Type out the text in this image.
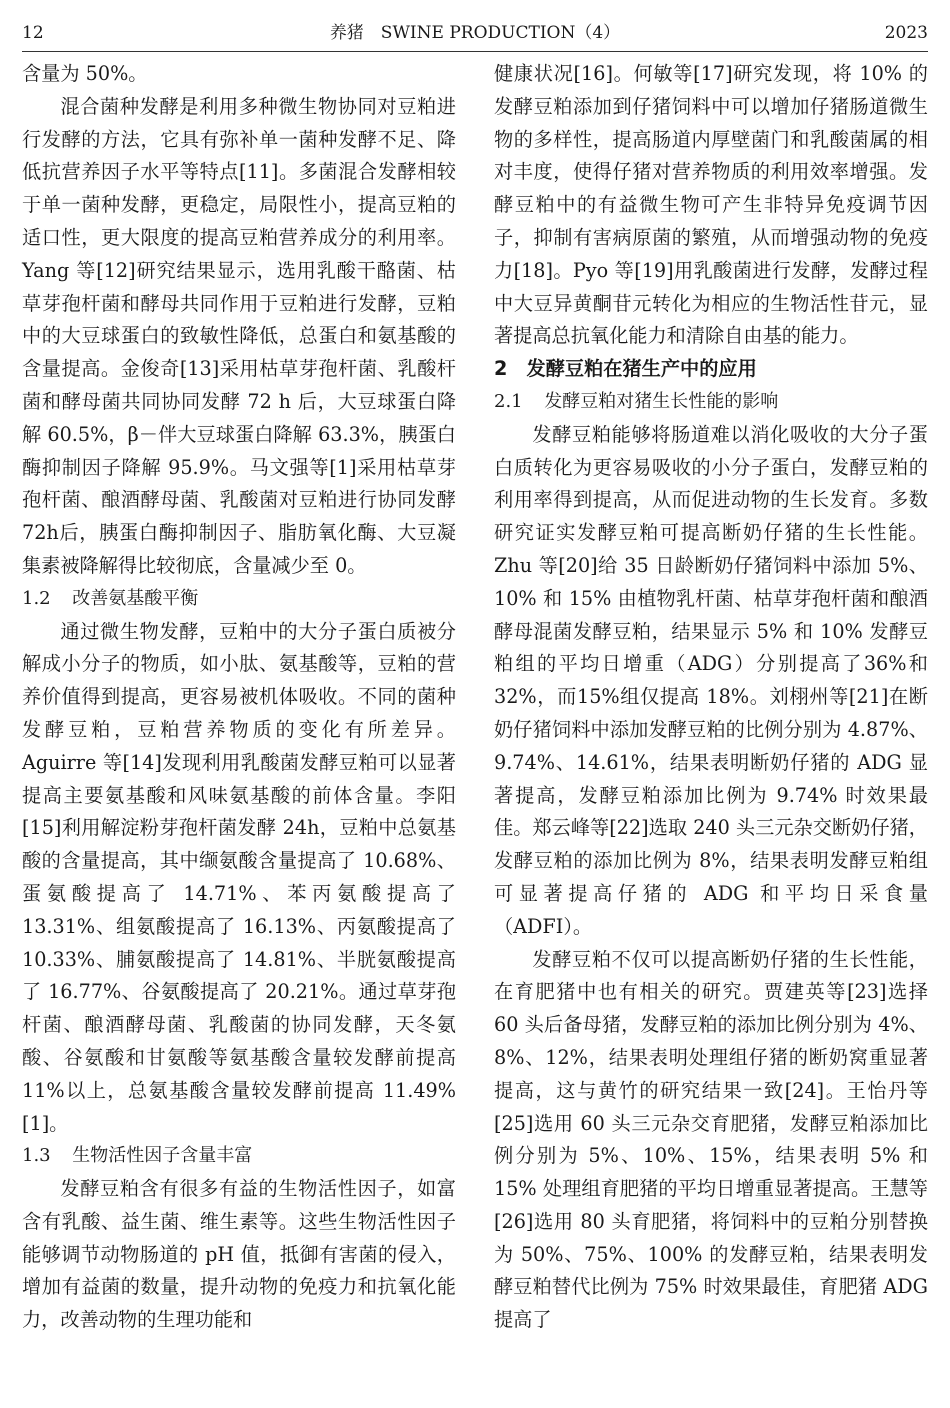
12	养猪　SWINE PRODUCTION（4）	2023

含量为 50%。

混合菌种发酵是利用多种微生物协同对豆粕进行发酵的方法，它具有弥补单一菌种发酵不足、降低抗营养因子水平等特点[11]。多菌混合发酵相较于单一菌种发酵，更稳定，局限性小，提高豆粕的适口性，更大限度的提高豆粕营养成分的利用率。Yang 等[12]研究结果显示，选用乳酸干酪菌、枯草芽孢杆菌和酵母共同作用于豆粕进行发酵，豆粕中的大豆球蛋白的致敏性降低，总蛋白和氨基酸的含量提高。金俊奇[13]采用枯草芽孢杆菌、乳酸杆菌和酵母菌共同协同发酵 72 h 后，大豆球蛋白降解 60.5%，β－伴大豆球蛋白降解 63.3%，胰蛋白酶抑制因子降解 95.9%。马文强等[1]采用枯草芽孢杆菌、酿酒酵母菌、乳酸菌对豆粕进行协同发酵72h后，胰蛋白酶抑制因子、脂肪氧化酶、大豆凝集素被降解得比较彻底，含量减少至 0。

1.2 改善氨基酸平衡

通过微生物发酵，豆粕中的大分子蛋白质被分解成小分子的物质，如小肽、氨基酸等，豆粕的营养价值得到提高，更容易被机体吸收。不同的菌种发酵豆粕，豆粕营养物质的变化有所差异。Aguirre 等[14]发现利用乳酸菌发酵豆粕可以显著提高主要氨基酸和风味氨基酸的前体含量。李阳[15]利用解淀粉芽孢杆菌发酵 24h，豆粕中总氨基酸的含量提高，其中缬氨酸含量提高了 10.68%、蛋氨酸提高了 14.71%、苯丙氨酸提高了 13.31%、组氨酸提高了 16.13%、丙氨酸提高了 10.33%、脯氨酸提高了 14.81%、半胱氨酸提高了 16.77%、谷氨酸提高了 20.21%。通过草芽孢杆菌、酿酒酵母菌、乳酸菌的协同发酵，天冬氨酸、谷氨酸和甘氨酸等氨基酸含量较发酵前提高 11%以上，总氨基酸含量较发酵前提高 11.49%[1]。

1.3 生物活性因子含量丰富

发酵豆粕含有很多有益的生物活性因子，如富含有乳酸、益生菌、维生素等。这些生物活性因子能够调节动物肠道的 pH 值，抵御有害菌的侵入，增加有益菌的数量，提升动物的免疫力和抗氧化能力，改善动物的生理功能和

健康状况[16]。何敏等[17]研究发现，将 10% 的发酵豆粕添加到仔猪饲料中可以增加仔猪肠道微生物的多样性，提高肠道内厚壁菌门和乳酸菌属的相对丰度，使得仔猪对营养物质的利用效率增强。发酵豆粕中的有益微生物可产生非特异免疫调节因子，抑制有害病原菌的繁殖，从而增强动物的免疫力[18]。Pyo 等[19]用乳酸菌进行发酵，发酵过程中大豆异黄酮苷元转化为相应的生物活性苷元，显著提高总抗氧化能力和清除自由基的能力。

2　发酵豆粕在猪生产中的应用
2.1 发酵豆粕对猪生长性能的影响

发酵豆粕能够将肠道难以消化吸收的大分子蛋白质转化为更容易吸收的小分子蛋白，发酵豆粕的利用率得到提高，从而促进动物的生长发育。多数研究证实发酵豆粕可提高断奶仔猪的生长性能。Zhu 等[20]给 35 日龄断奶仔猪饲料中添加 5%、10% 和 15% 由植物乳杆菌、枯草芽孢杆菌和酿酒酵母混菌发酵豆粕，结果显示 5% 和 10% 发酵豆粕组的平均日增重（ADG）分别提高了36%和32%，而15%组仅提高 18%。刘栩州等[21]在断奶仔猪饲料中添加发酵豆粕的比例分别为 4.87%、9.74%、14.61%，结果表明断奶仔猪的 ADG 显著提高，发酵豆粕添加比例为 9.74% 时效果最佳。郑云峰等[22]选取 240 头三元杂交断奶仔猪，发酵豆粕的添加比例为 8%，结果表明发酵豆粕组可显著提高仔猪的 ADG 和平均日采食量（ADFI）。

发酵豆粕不仅可以提高断奶仔猪的生长性能，在育肥猪中也有相关的研究。贾建英等[23]选择 60 头后备母猪，发酵豆粕的添加比例分别为 4%、8%、12%，结果表明处理组仔猪的断奶窝重显著提高，这与黄竹的研究结果一致[24]。王怡丹等[25]选用 60 头三元杂交育肥猪，发酵豆粕添加比例分别为 5%、10%、15%，结果表明 5% 和 15% 处理组育肥猪的平均日增重显著提高。王慧等[26]选用 80 头育肥猪，将饲料中的豆粕分别替换为 50%、75%、100% 的发酵豆粕，结果表明发酵豆粕替代比例为 75% 时效果最佳，育肥猪 ADG 提高了
